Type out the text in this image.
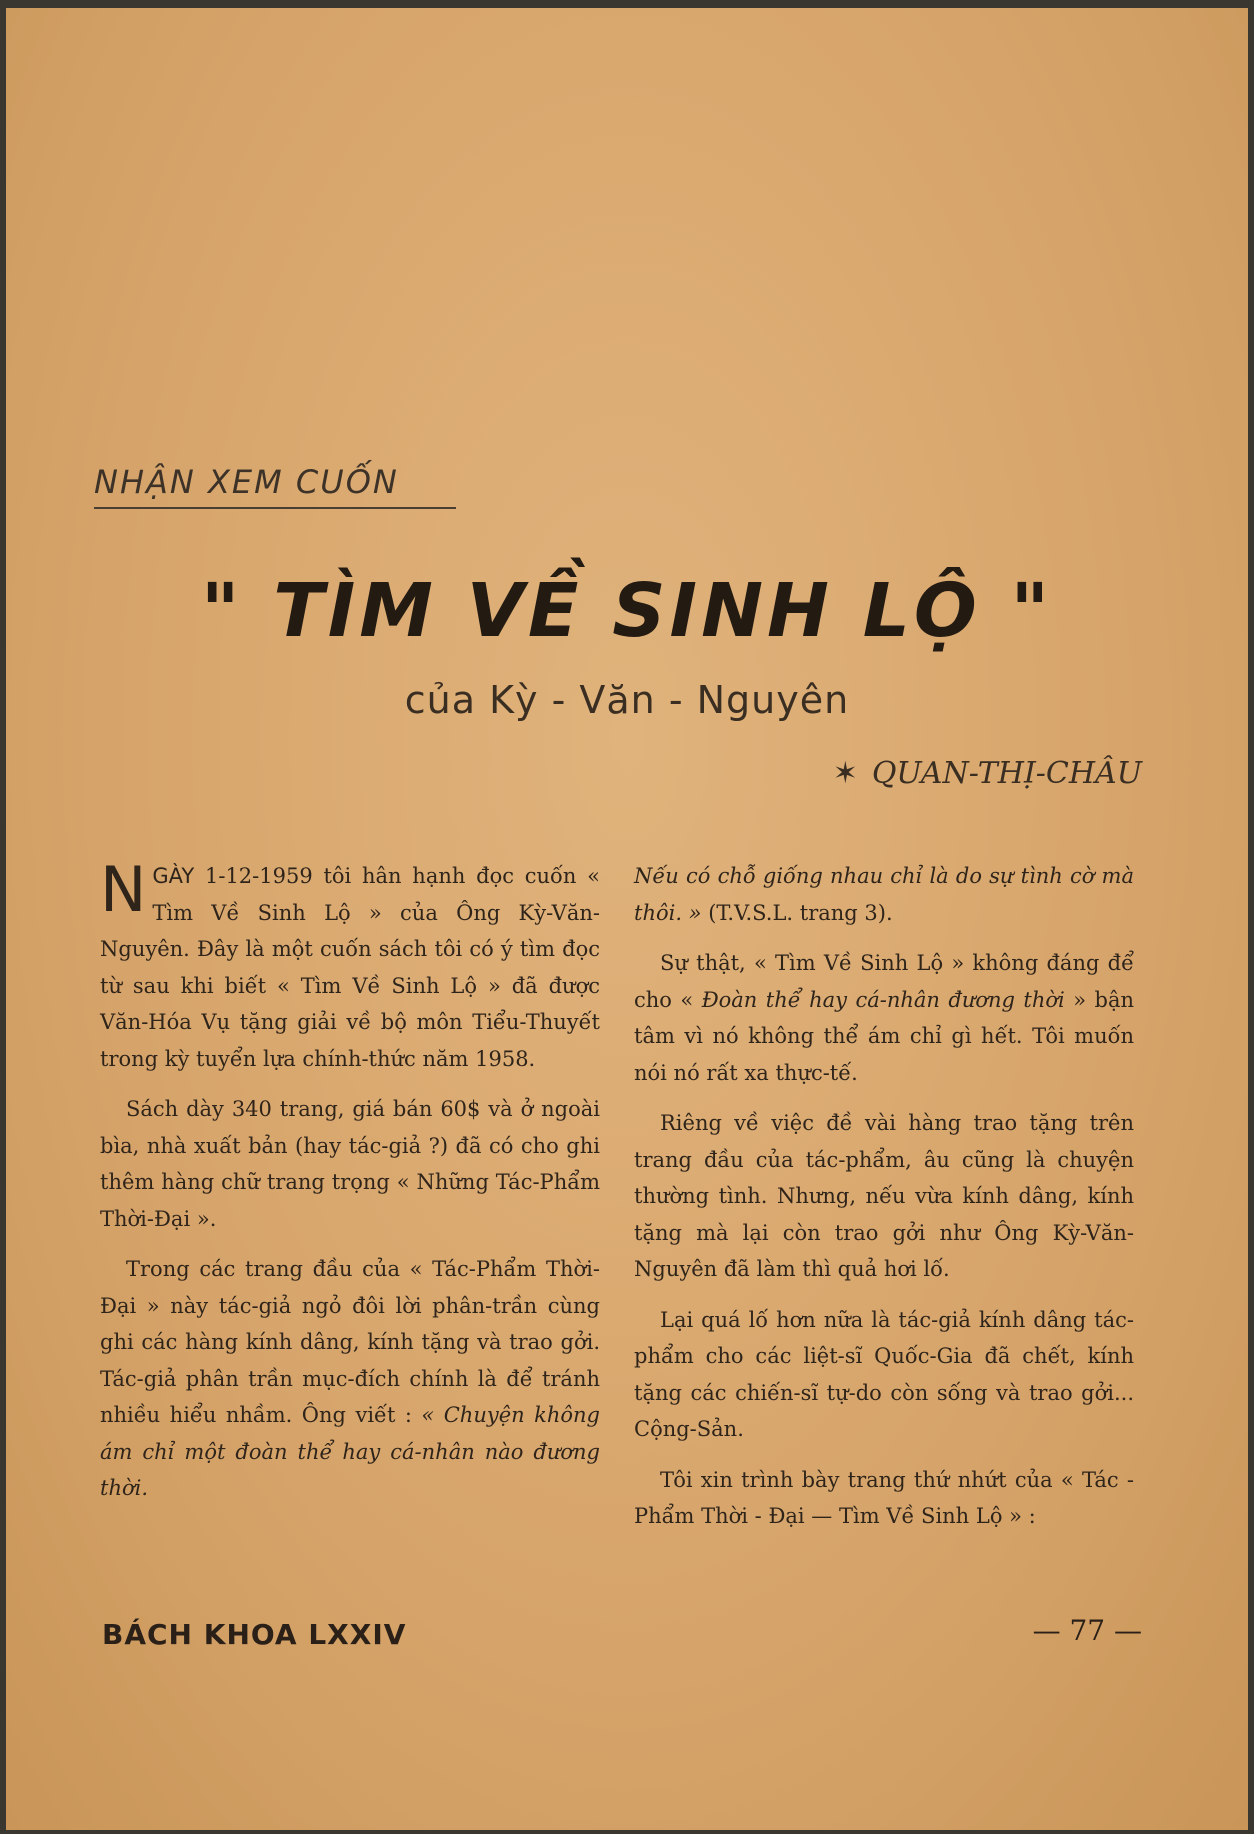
NHẬN XEM CUỐN
" TÌM VỀ SINH LỘ "
của Kỳ - Văn - Nguyên
✶ QUAN-THỊ-CHÂU

NGÀY 1-12-1959 tôi hân hạnh đọc cuốn « Tìm Về Sinh Lộ » của Ông Kỳ-Văn-Nguyên. Đây là một cuốn sách tôi có ý tìm đọc từ sau khi biết « Tìm Về Sinh Lộ » đã được Văn-Hóa Vụ tặng giải về bộ môn Tiểu-Thuyết trong kỳ tuyển lựa chính-thức năm 1958.

Sách dày 340 trang, giá bán 60$ và ở ngoài bìa, nhà xuất bản (hay tác-giả ?) đã có cho ghi thêm hàng chữ trang trọng « Những Tác-Phẩm Thời-Đại ».

Trong các trang đầu của « Tác-Phẩm Thời-Đại » này tác-giả ngỏ đôi lời phân-trần cùng ghi các hàng kính dâng, kính tặng và trao gởi. Tác-giả phân trần mục-đích chính là để tránh nhiều hiểu nhầm. Ông viết : « Chuyện không ám chỉ một đoàn thể hay cá-nhân nào đương thời.

Nếu có chỗ giống nhau chỉ là do sự tình cờ mà thôi. » (T.V.S.L. trang 3).

Sự thật, « Tìm Về Sinh Lộ » không đáng để cho « Đoàn thể hay cá-nhân đương thời » bận tâm vì nó không thể ám chỉ gì hết. Tôi muốn nói nó rất xa thực-tế.

Riêng về việc đề vài hàng trao tặng trên trang đầu của tác-phẩm, âu cũng là chuyện thường tình. Nhưng, nếu vừa kính dâng, kính tặng mà lại còn trao gởi như Ông Kỳ-Văn-Nguyên đã làm thì quả hơi lố.

Lại quá lố hơn nữa là tác-giả kính dâng tác-phẩm cho các liệt-sĩ Quốc-Gia đã chết, kính tặng các chiến-sĩ tự-do còn sống và trao gởi... Cộng-Sản.

Tôi xin trình bày trang thứ nhứt của « Tác - Phẩm Thời - Đại — Tìm Về Sinh Lộ » :

BÁCH KHOA LXXIV	— 77 —
